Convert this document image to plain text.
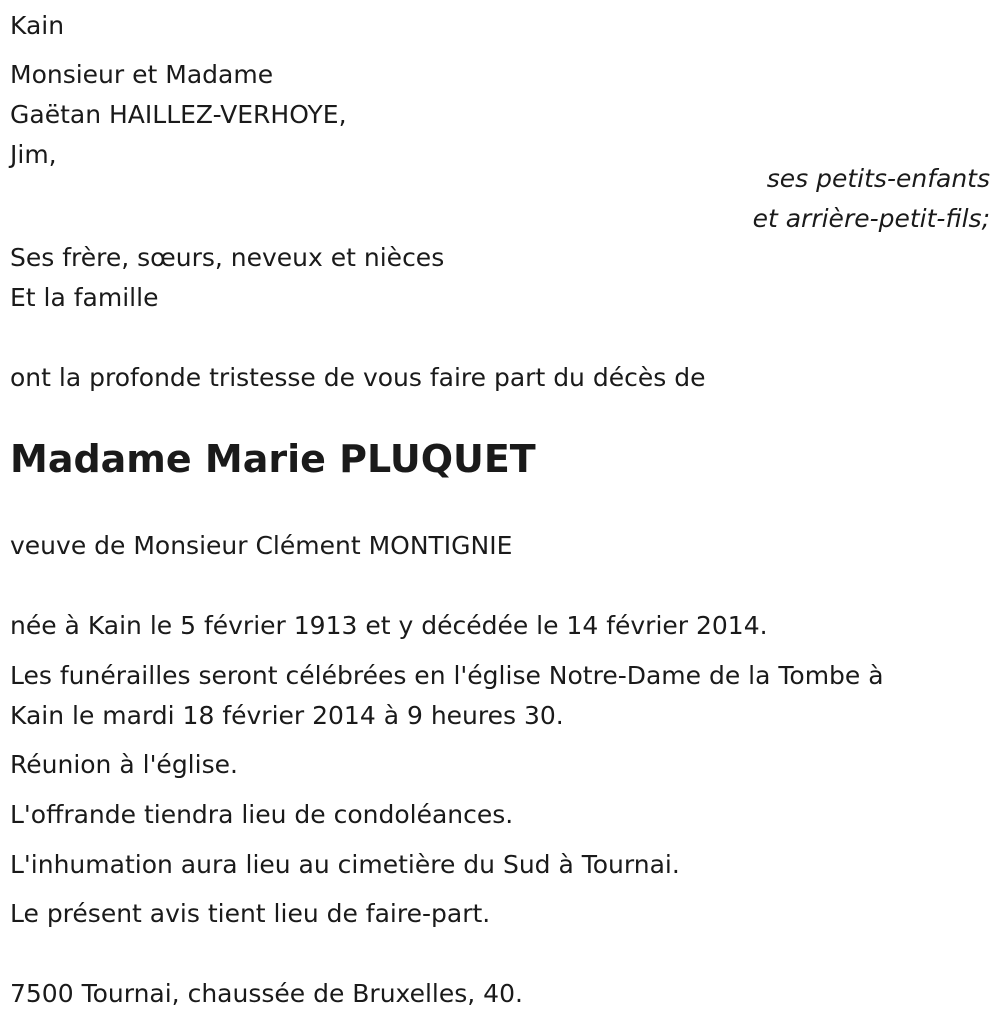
Kain
Monsieur et Madame
Gaëtan HAILLEZ-VERHOYE,
Jim,
ses petits-enfants
et arrière-petit-fils;
Ses frère, sœurs, neveux et nièces
Et la famille
ont la profonde tristesse de vous faire part du décès de
Madame Marie PLUQUET
veuve de Monsieur Clément MONTIGNIE
née à Kain le 5 février 1913 et y décédée le 14 février 2014.
Les funérailles seront célébrées en l'église Notre-Dame de la Tombe à
Kain le mardi 18 février 2014 à 9 heures 30.
Réunion à l'église.
L'offrande tiendra lieu de condoléances.
L'inhumation aura lieu au cimetière du Sud à Tournai.
Le présent avis tient lieu de faire-part.
7500 Tournai, chaussée de Bruxelles, 40.
